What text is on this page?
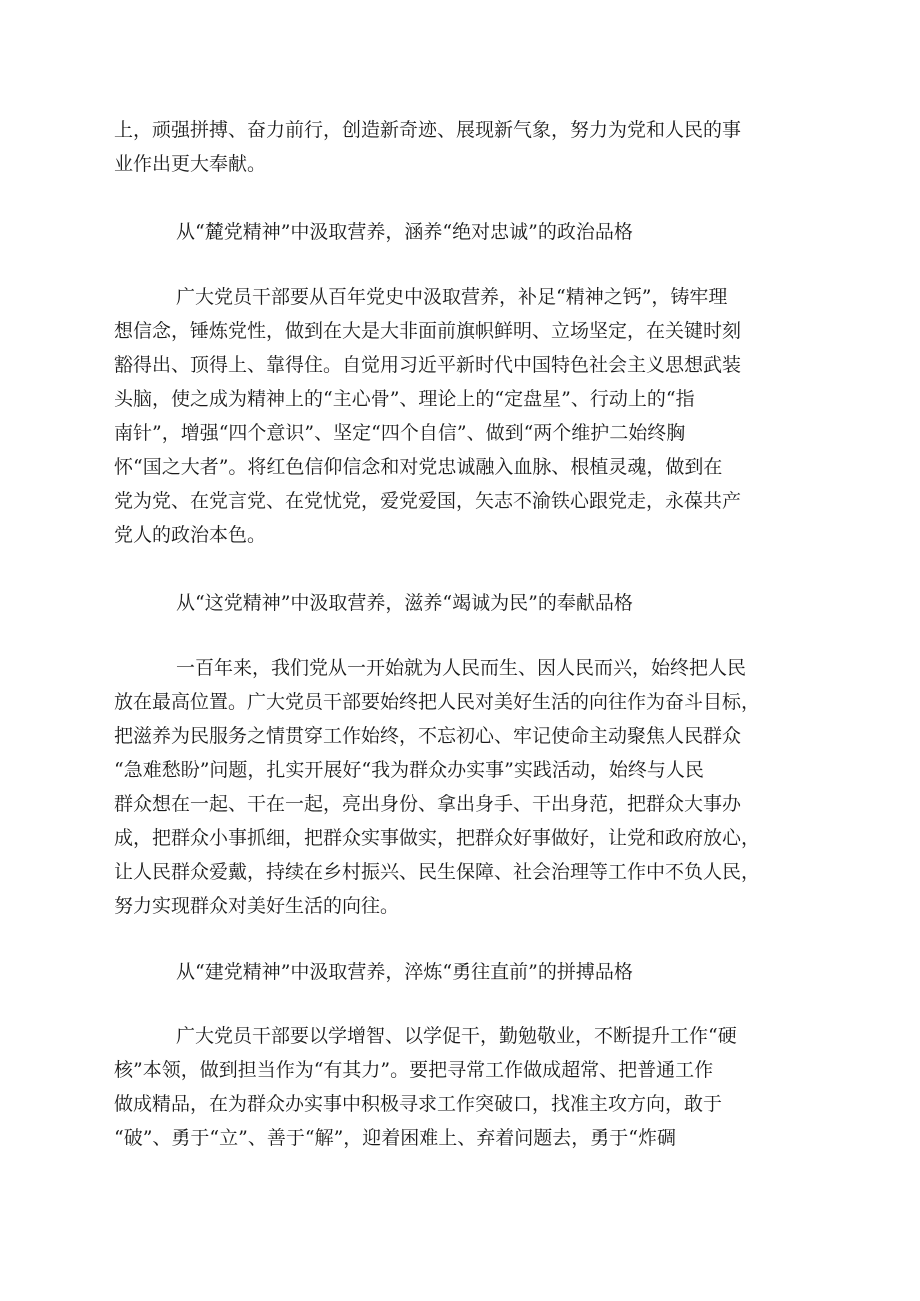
上，顽强拼搏、奋力前行，创造新奇迹、展现新气象，努力为党和人民的事
业作出更大奉献。
从“麓党精神”中汲取营养，涵养“绝对忠诚”的政治品格
广大党员干部要从百年党史中汲取营养，补足“精神之钙”，铸牢理
想信念，锤炼党性，做到在大是大非面前旗帜鲜明、立场坚定，在关键时刻
豁得出、顶得上、靠得住。自觉用习近平新时代中国特色社会主义思想武装
头脑，使之成为精神上的“主心骨”、理论上的“定盘星”、行动上的“指
南针”，增强“四个意识”、坚定“四个自信”、做到“两个维护二始终胸
怀“国之大者”。将红色信仰信念和对党忠诚融入血脉、根植灵魂，做到在
党为党、在党言党、在党忧党，爱党爱国，矢志不渝铁心跟党走，永葆共产
党人的政治本色。
从“这党精神”中汲取营养，滋养“竭诚为民”的奉献品格
一百年来，我们党从一开始就为人民而生、因人民而兴，始终把人民
放在最高位置。广大党员干部要始终把人民对美好生活的向往作为奋斗目标，
把滋养为民服务之情贯穿工作始终，不忘初心、牢记使命主动聚焦人民群众
“急难愁盼”问题，扎实开展好“我为群众办实事”实践活动，始终与人民
群众想在一起、干在一起，亮出身份、拿出身手、干出身范，把群众大事办
成，把群众小事抓细，把群众实事做实，把群众好事做好，让党和政府放心，
让人民群众爱戴，持续在乡村振兴、民生保障、社会治理等工作中不负人民，
努力实现群众对美好生活的向往。
从“建党精神”中汲取营养，淬炼“勇往直前”的拼搏品格
广大党员干部要以学增智、以学促干，勤勉敬业，不断提升工作“硬
核”本领，做到担当作为“有其力”。要把寻常工作做成超常、把普通工作
做成精品，在为群众办实事中积极寻求工作突破口，找准主攻方向，敢于
“破”、勇于“立”、善于“解”，迎着困难上、弃着问题去，勇于“炸碉
